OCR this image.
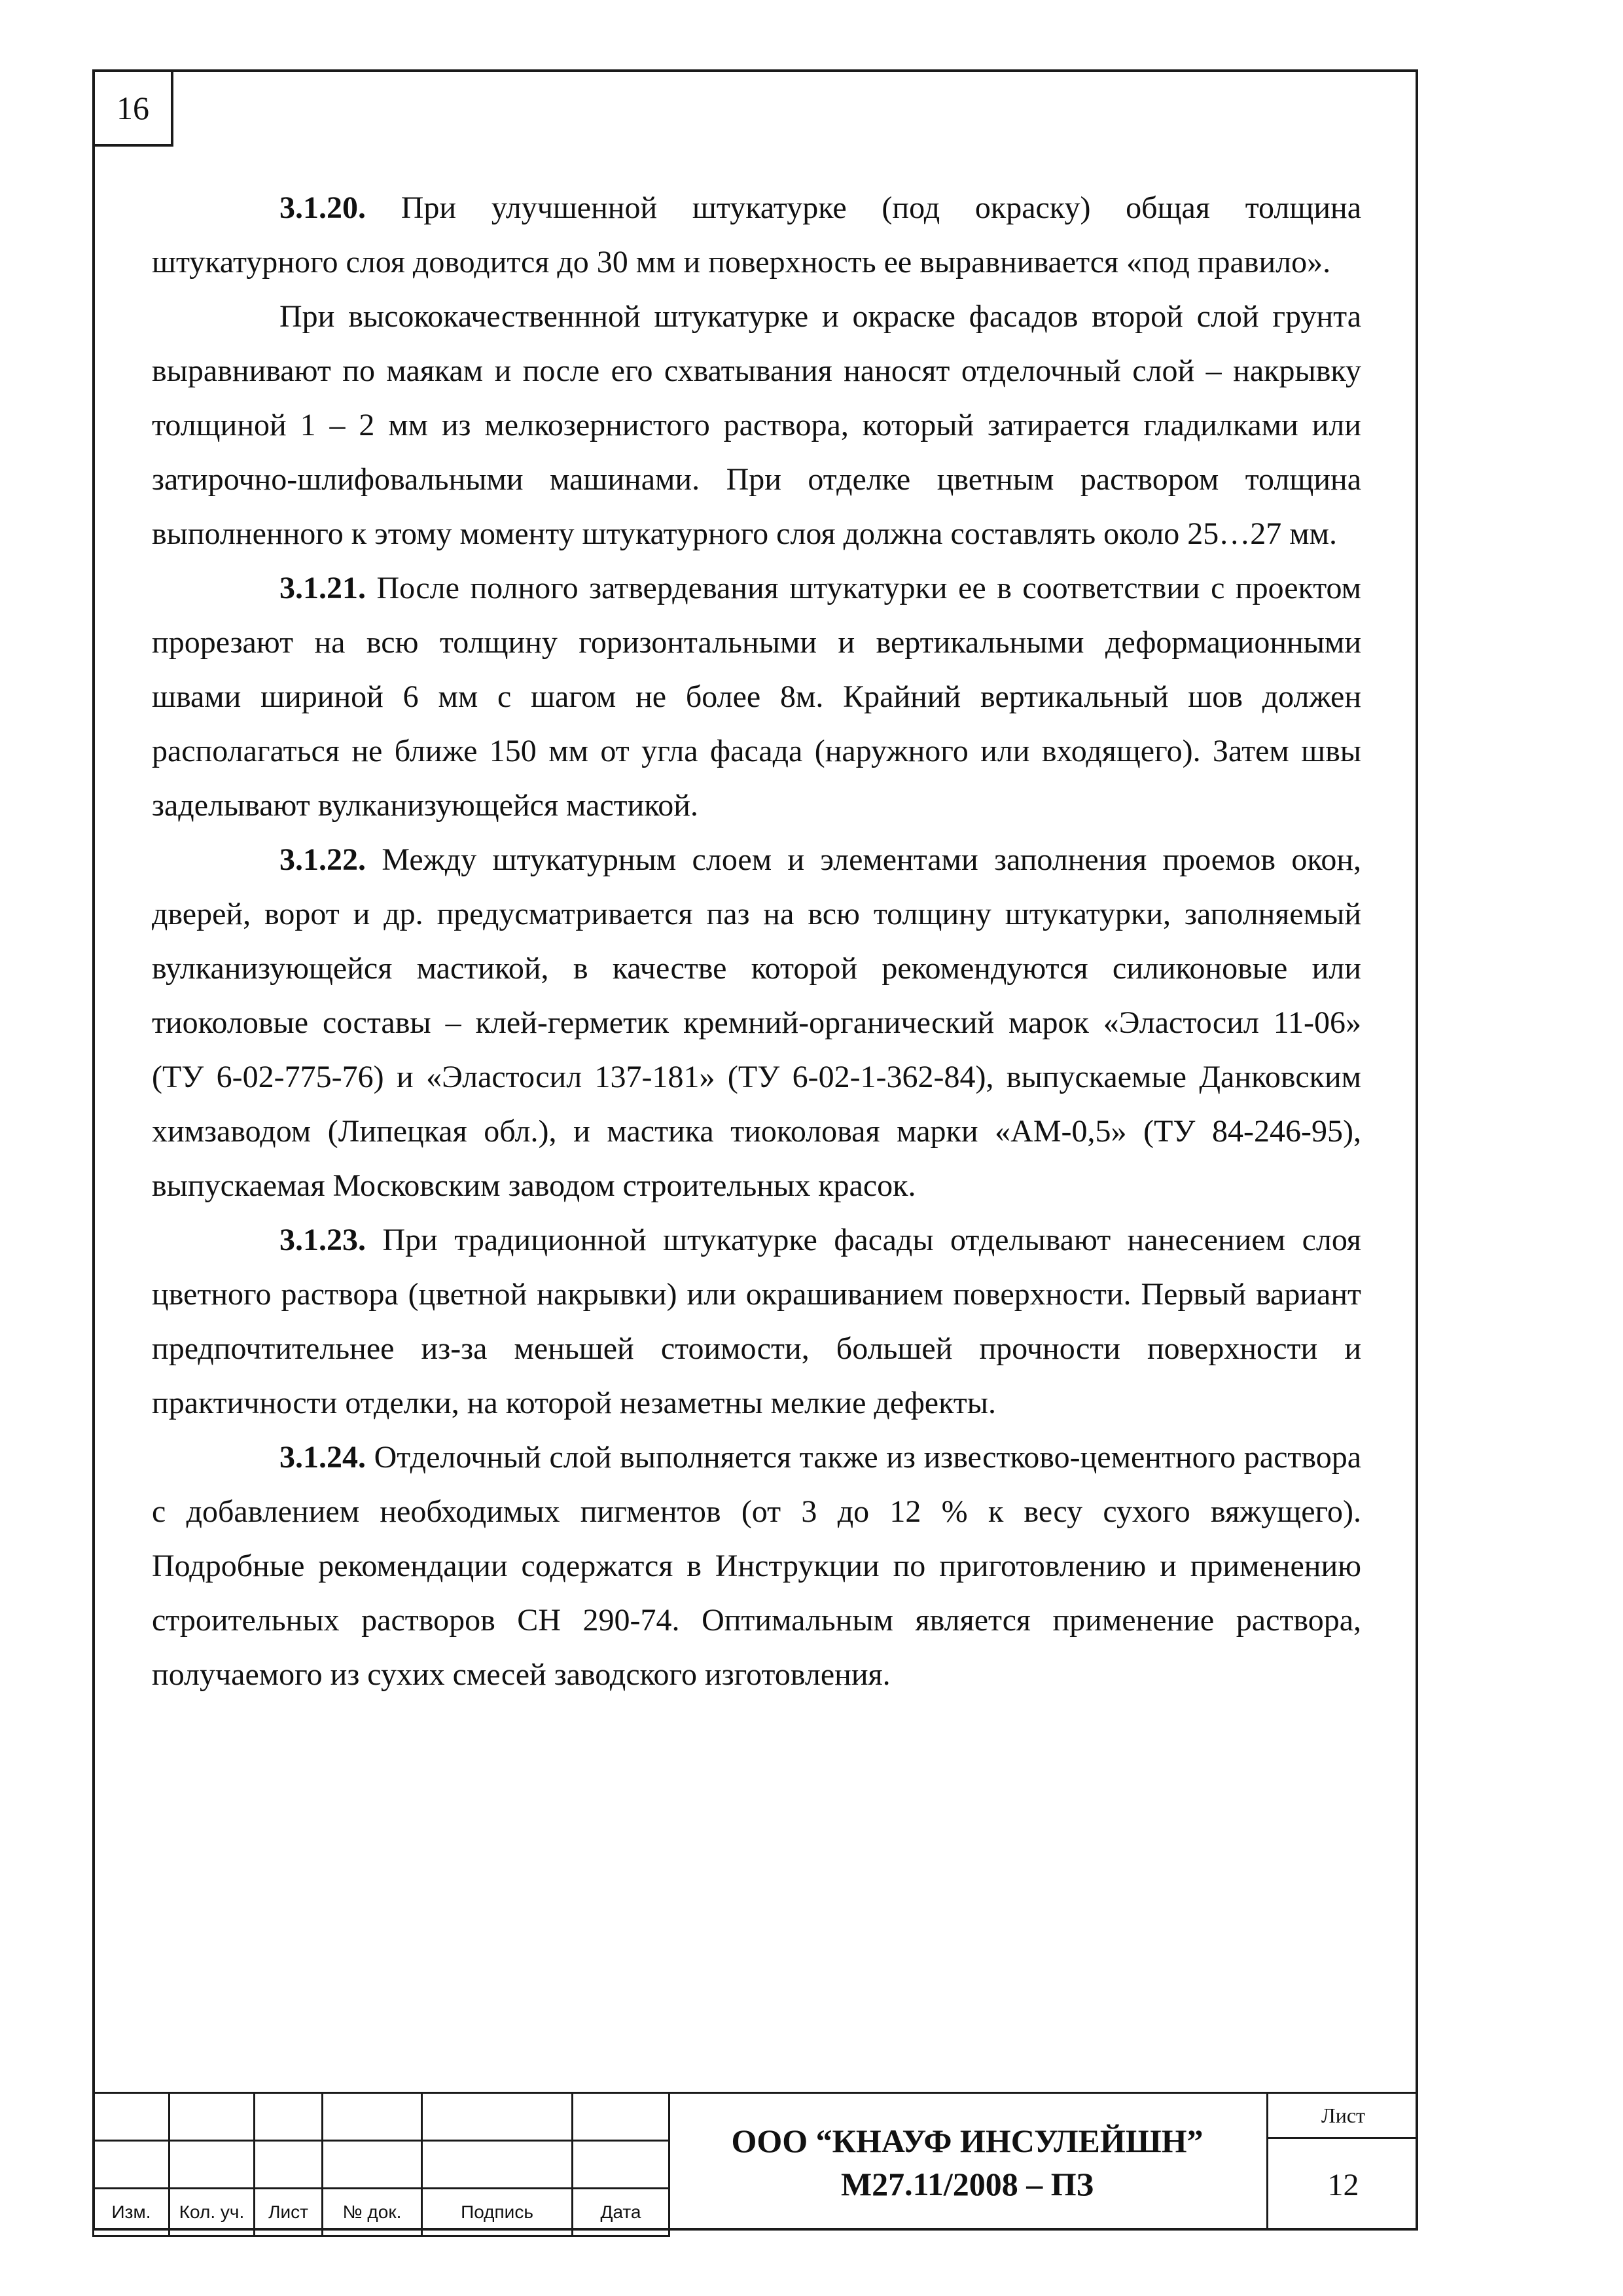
16

3.1.20. При улучшенной штукатурке (под окраску) общая толщина штукатурного слоя доводится до 30 мм и поверхность ее выравнивается «под правило».

При высококачественнной штукатурке и окраске фасадов второй слой грунта выравнивают по маякам и после его схватывания наносят отделочный слой – накрывку толщиной 1 – 2 мм из мелкозернистого раствора, который затирается гладилками или затирочно-шлифовальными машинами. При отделке цветным раствором толщина выполненного к этому моменту штукатурного слоя должна составлять около 25…27 мм.

3.1.21. После полного затвердевания штукатурки ее в соответствии с проектом прорезают на всю толщину горизонтальными и вертикальными деформационными швами шириной 6 мм с шагом не более 8м. Крайний вертикальный шов должен располагаться не ближе 150 мм от угла фасада (наружного или входящего). Затем швы заделывают вулканизующейся мастикой.

3.1.22. Между штукатурным слоем и элементами заполнения проемов окон, дверей, ворот и др. предусматривается паз на всю толщину штукатурки, заполняемый вулканизующейся мастикой, в качестве которой рекомендуются силиконовые или тиоколовые составы – клей-герметик кремний-органический марок «Эластосил 11-06» (ТУ 6-02-775-76) и «Эластосил 137-181» (ТУ 6-02-1-362-84), выпускаемые Данковским химзаводом (Липецкая обл.), и мастика тиоколовая марки «АМ-0,5» (ТУ 84-246-95), выпускаемая Московским заводом строительных красок.

3.1.23. При традиционной штукатурке фасады отделывают нанесением слоя цветного раствора (цветной накрывки) или окрашиванием поверхности. Первый вариант предпочтительнее из-за меньшей стоимости, большей прочности поверхности и практичности отделки, на которой незаметны мелкие дефекты.

3.1.24. Отделочный слой выполняется также из известково-цементного раствора с добавлением необходимых пигментов (от 3 до 12 % к весу сухого вяжущего). Подробные рекомендации содержатся в Инструкции по приготовлению и применению строительных растворов СН 290-74. Оптимальным является применение раствора, получаемого из сухих смесей заводского изготовления.

Изм.	Кол. уч.	Лист	№ док.	Подпись	Дата
ООО “КНАУФ ИНСУЛЕЙШН”
М27.11/2008 – ПЗ
Лист
12
